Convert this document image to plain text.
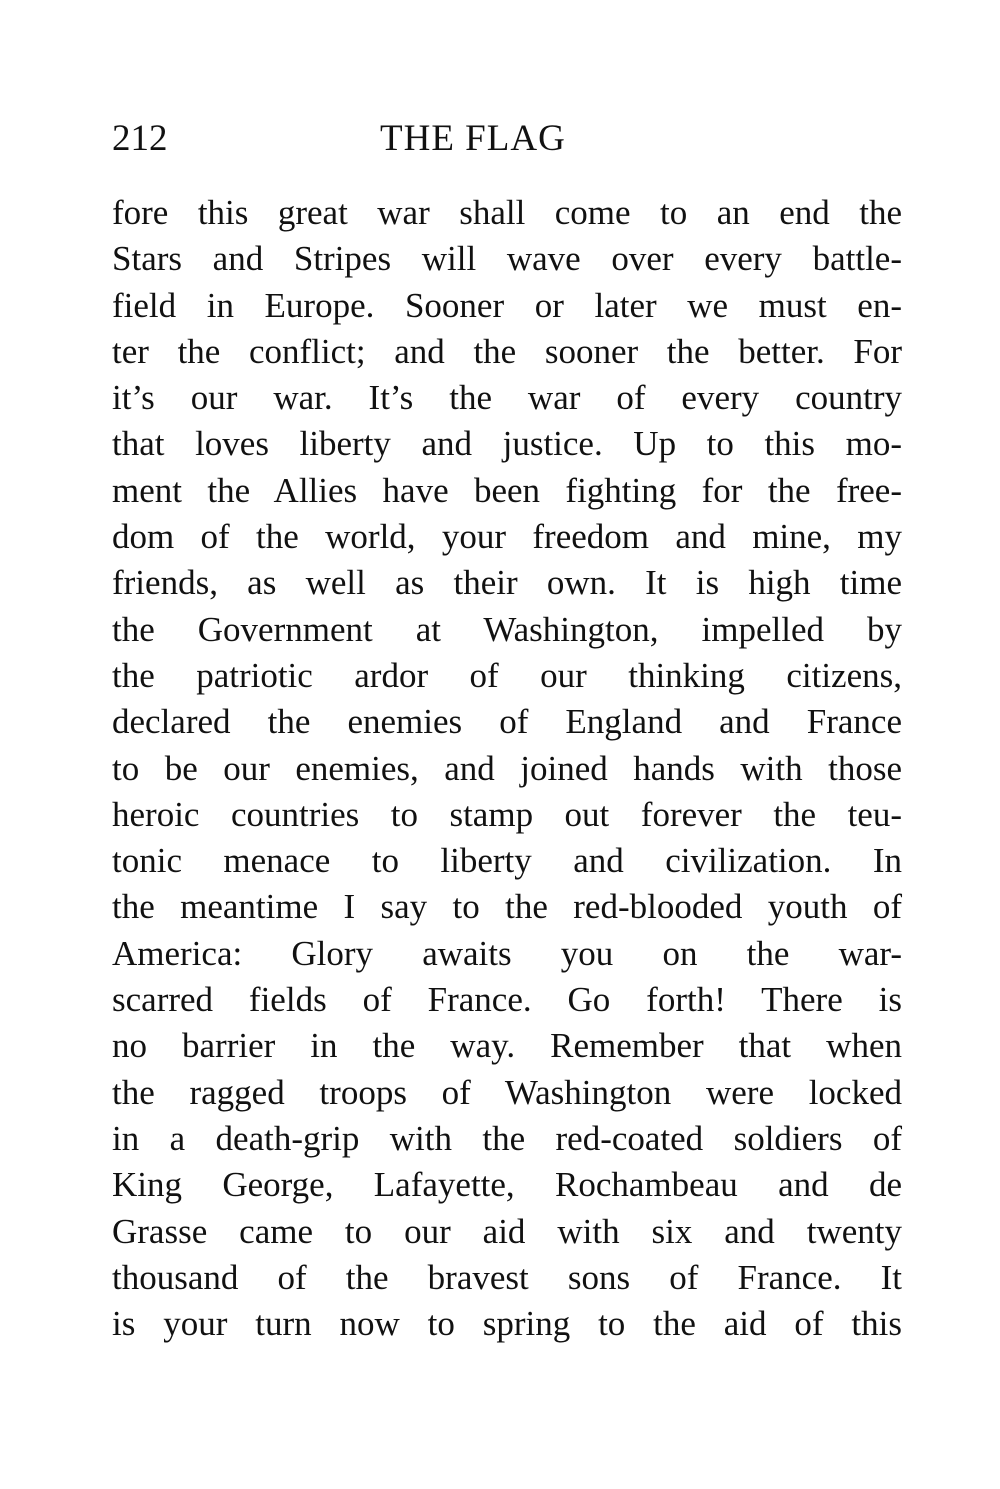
212	THE FLAG
fore this great war shall come to an end the
Stars and Stripes will wave over every battle-
field in Europe. Sooner or later we must en-
ter the conflict; and the sooner the better. For
it’s our war. It’s the war of every country
that loves liberty and justice. Up to this mo-
ment the Allies have been fighting for the free-
dom of the world, your freedom and mine, my
friends, as well as their own. It is high time
the Government at Washington, impelled by
the patriotic ardor of our thinking citizens,
declared the enemies of England and France
to be our enemies, and joined hands with those
heroic countries to stamp out forever the teu-
tonic menace to liberty and civilization. In
the meantime I say to the red-blooded youth of
America: Glory awaits you on the war-
scarred fields of France. Go forth! There is
no barrier in the way. Remember that when
the ragged troops of Washington were locked
in a death-grip with the red-coated soldiers of
King George, Lafayette, Rochambeau and de
Grasse came to our aid with six and twenty
thousand of the bravest sons of France. It
is your turn now to spring to the aid of this
